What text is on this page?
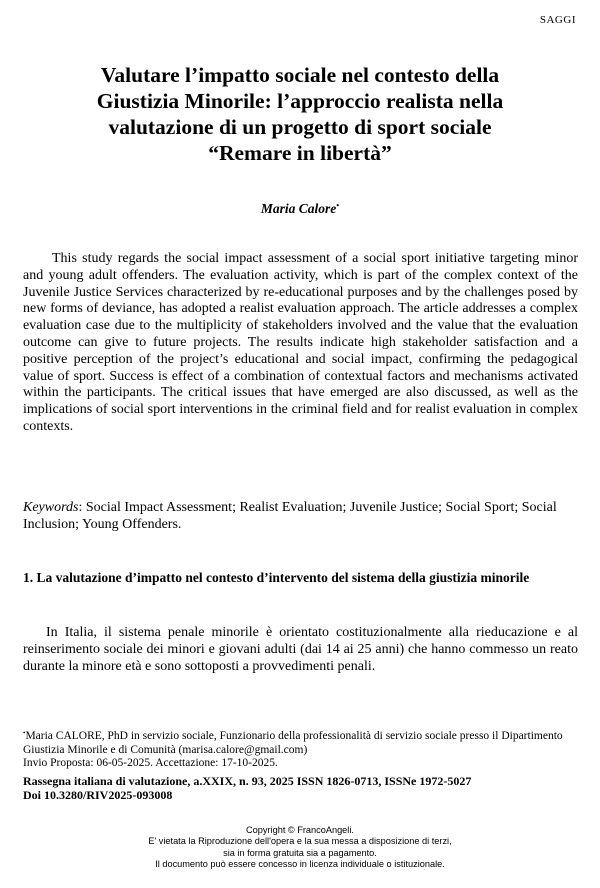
SAGGI
Valutare l’impatto sociale nel contesto della
Giustizia Minorile: l’approccio realista nella
valutazione di un progetto di sport sociale
“Remare in libertà”
Maria Calore•

This study regards the social impact assessment of a social sport initiative targeting minor and young adult offenders. The evaluation activity, which is part of the complex context of the Juvenile Justice Services characterized by re-educational purposes and by the challenges posed by new forms of deviance, has adopted a realist evaluation approach. The article addresses a complex evaluation case due to the multiplicity of stakeholders involved and the value that the evaluation outcome can give to future projects. The results indicate high stakeholder satisfaction and a positive perception of the project’s educational and social impact, confirming the pedagogical value of sport. Success is effect of a combination of contextual factors and mechanisms activated within the participants. The critical issues that have emerged are also discussed, as well as the implications of social sport interventions in the criminal field and for realist evaluation in complex contexts.

Keywords: Social Impact Assessment; Realist Evaluation; Juvenile Justice; Social Sport; Social Inclusion; Young Offenders.

1. La valutazione d’impatto nel contesto d’intervento del sistema della giustizia minorile

In Italia, il sistema penale minorile è orientato costituzionalmente alla rieducazione e al reinserimento sociale dei minori e giovani adulti (dai 14 ai 25 anni) che hanno commesso un reato durante la minore età e sono sottoposti a provvedimenti penali.

•Maria CALORE, PhD in servizio sociale, Funzionario della professionalità di servizio sociale presso il Dipartimento Giustizia Minorile e di Comunità (marisa.calore@gmail.com)
Invio Proposta: 06-05-2025. Accettazione: 17-10-2025.

Rassegna italiana di valutazione, a.XXIX, n. 93, 2025 ISSN 1826-0713, ISSNe 1972-5027
Doi 10.3280/RIV2025-093008

Copyright © FrancoAngeli.
E' vietata la Riproduzione dell'opera e la sua messa a disposizione di terzi,
sia in forma gratuita sia a pagamento.
Il documento può essere concesso in licenza individuale o istituzionale.
